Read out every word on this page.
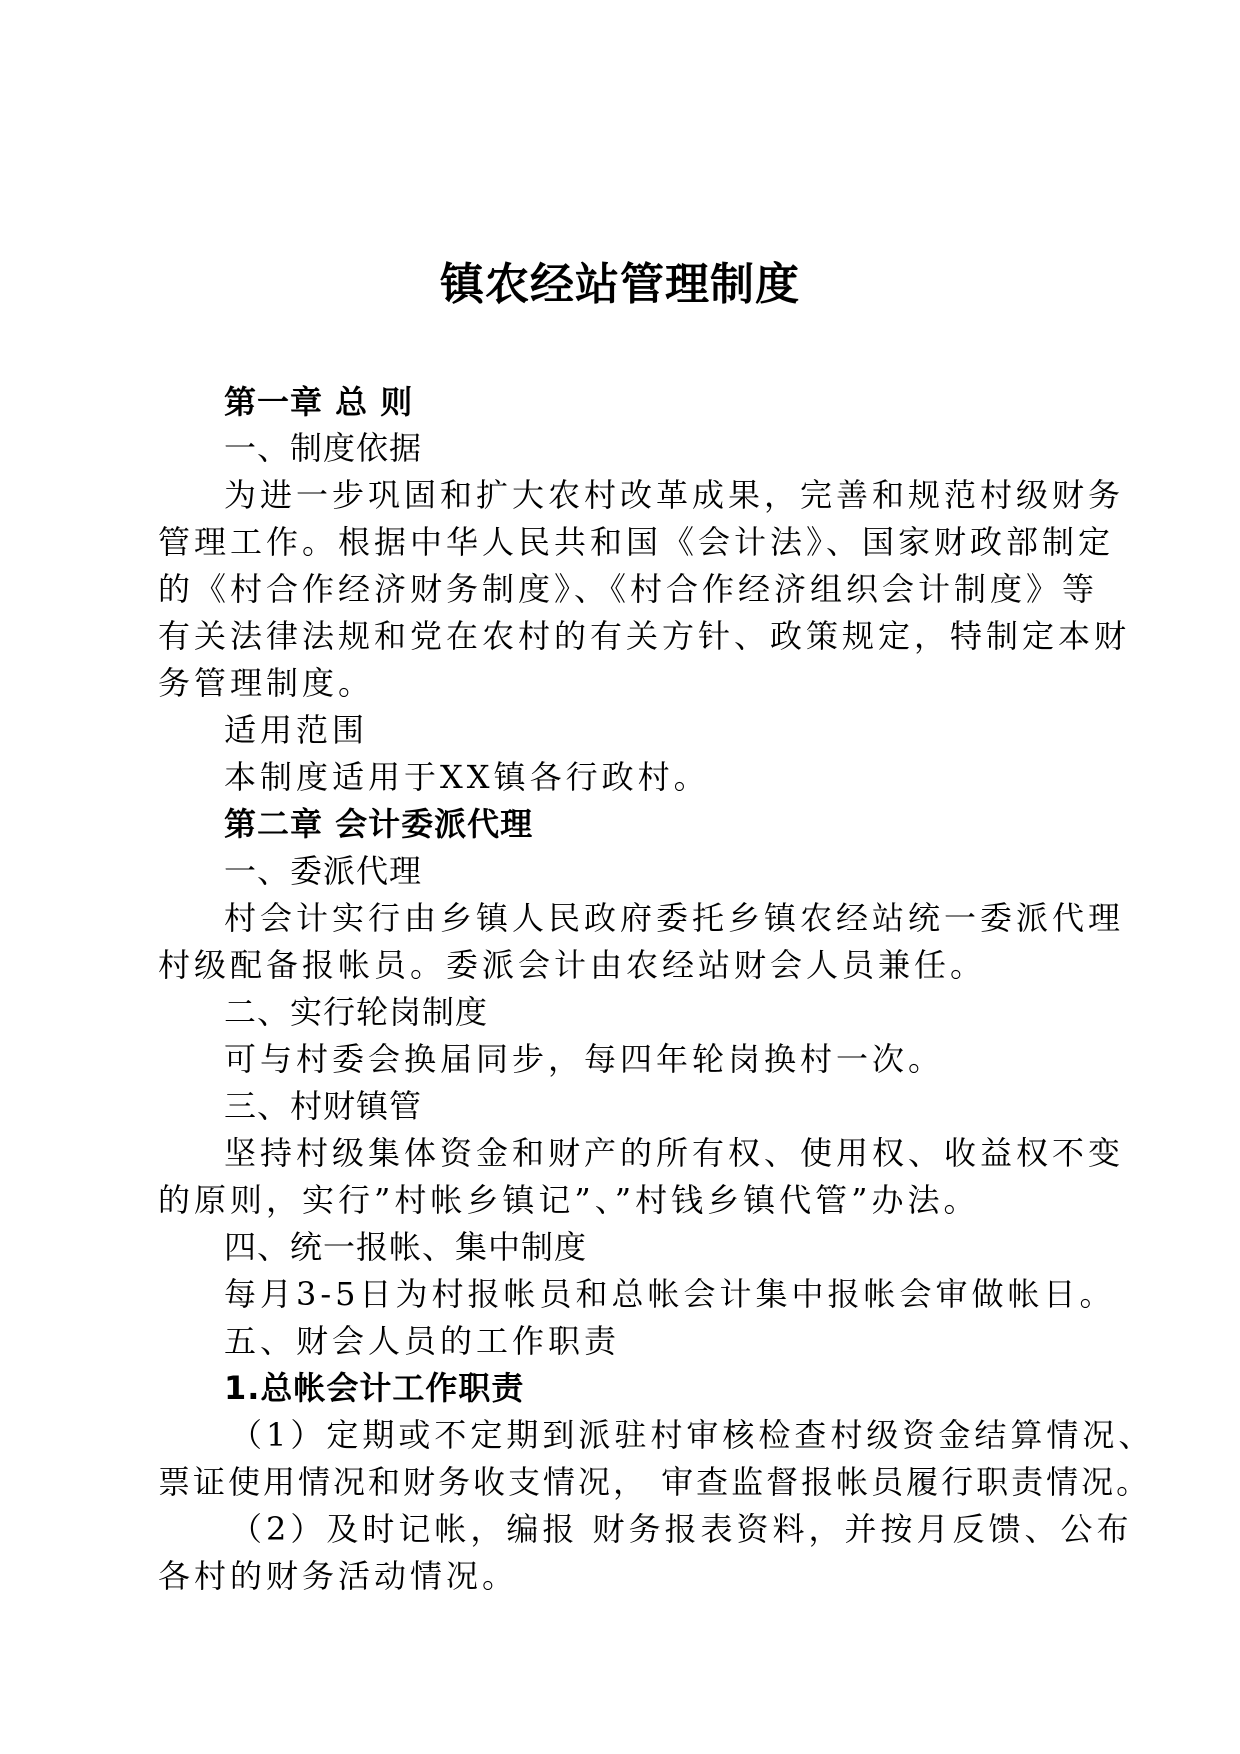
镇农经站管理制度
第一章 总 则
一、制度依据
为进一步巩固和扩大农村改革成果，完善和规范村级财务
管理工作。根据中华人民共和国《会计法》、国家财政部制定
的《村合作经济财务制度》、《村合作经济组织会计制度》等
有关法律法规和党在农村的有关方针、政策规定，特制定本财
务管理制度。
适用范围
本制度适用于XX镇各行政村。
第二章 会计委派代理
一、委派代理
村会计实行由乡镇人民政府委托乡镇农经站统一委派代理
村级配备报帐员。委派会计由农经站财会人员兼任。
二、实行轮岗制度
可与村委会换届同步，每四年轮岗换村一次。
三、村财镇管
坚持村级集体资金和财产的所有权、使用权、收益权不变
的原则，实行”村帐乡镇记”、”村钱乡镇代管”办法。
四、统一报帐、集中制度
每月3-5日为村报帐员和总帐会计集中报帐会审做帐日。
五、财会人员的工作职责
1.总帐会计工作职责
（1）定期或不定期到派驻村审核检查村级资金结算情况、
票证使用情况和财务收支情况， 审查监督报帐员履行职责情况。
（2）及时记帐，编报 财务报表资料，并按月反馈、公布
各村的财务活动情况。
